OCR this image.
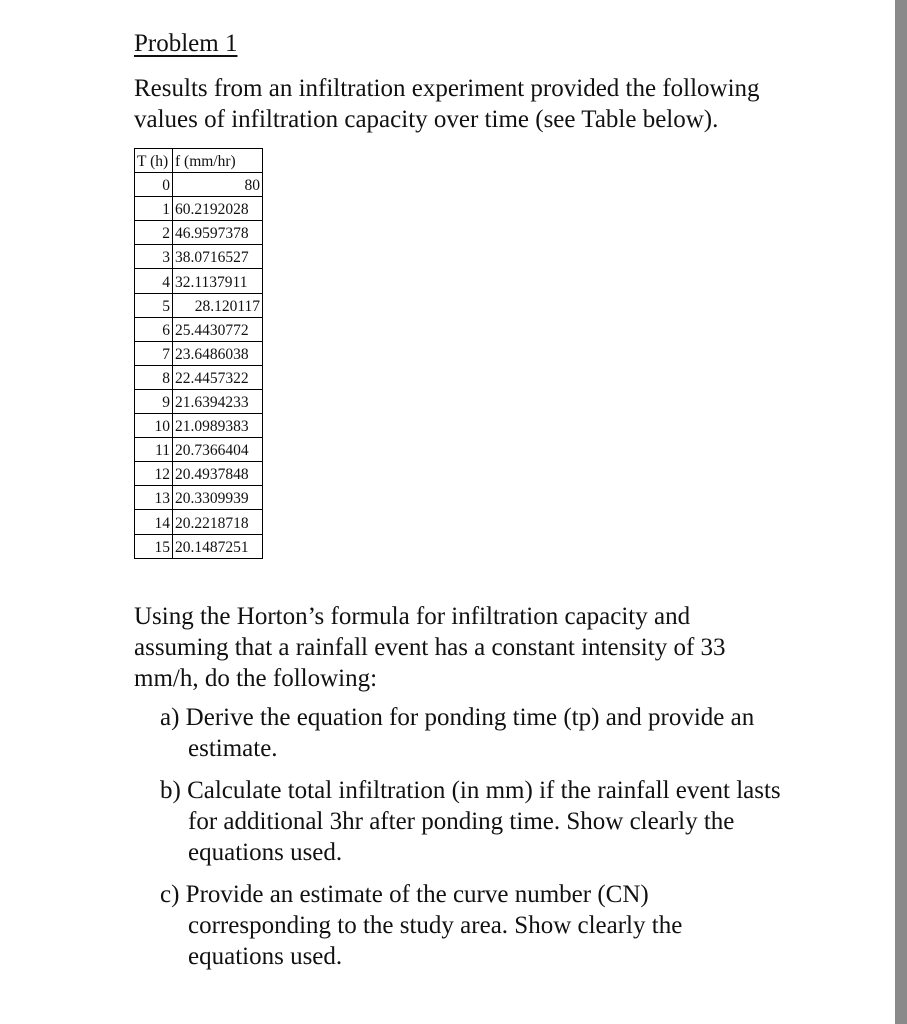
Problem 1

Results from an infiltration experiment provided the following values of infiltration capacity over time (see Table below).

T (h)	f (mm/hr)
0	80
1	60.2192028
2	46.9597378
3	38.0716527
4	32.1137911
5	28.120117
6	25.4430772
7	23.6486038
8	22.4457322
9	21.6394233
10	21.0989383
11	20.7366404
12	20.4937848
13	20.3309939
14	20.2218718
15	20.1487251

Using the Horton’s formula for infiltration capacity and assuming that a rainfall event has a constant intensity of 33 mm/h, do the following:

a) Derive the equation for ponding time (tp) and provide an estimate.
b) Calculate total infiltration (in mm) if the rainfall event lasts for additional 3hr after ponding time. Show clearly the equations used.
c) Provide an estimate of the curve number (CN) corresponding to the study area. Show clearly the equations used.
